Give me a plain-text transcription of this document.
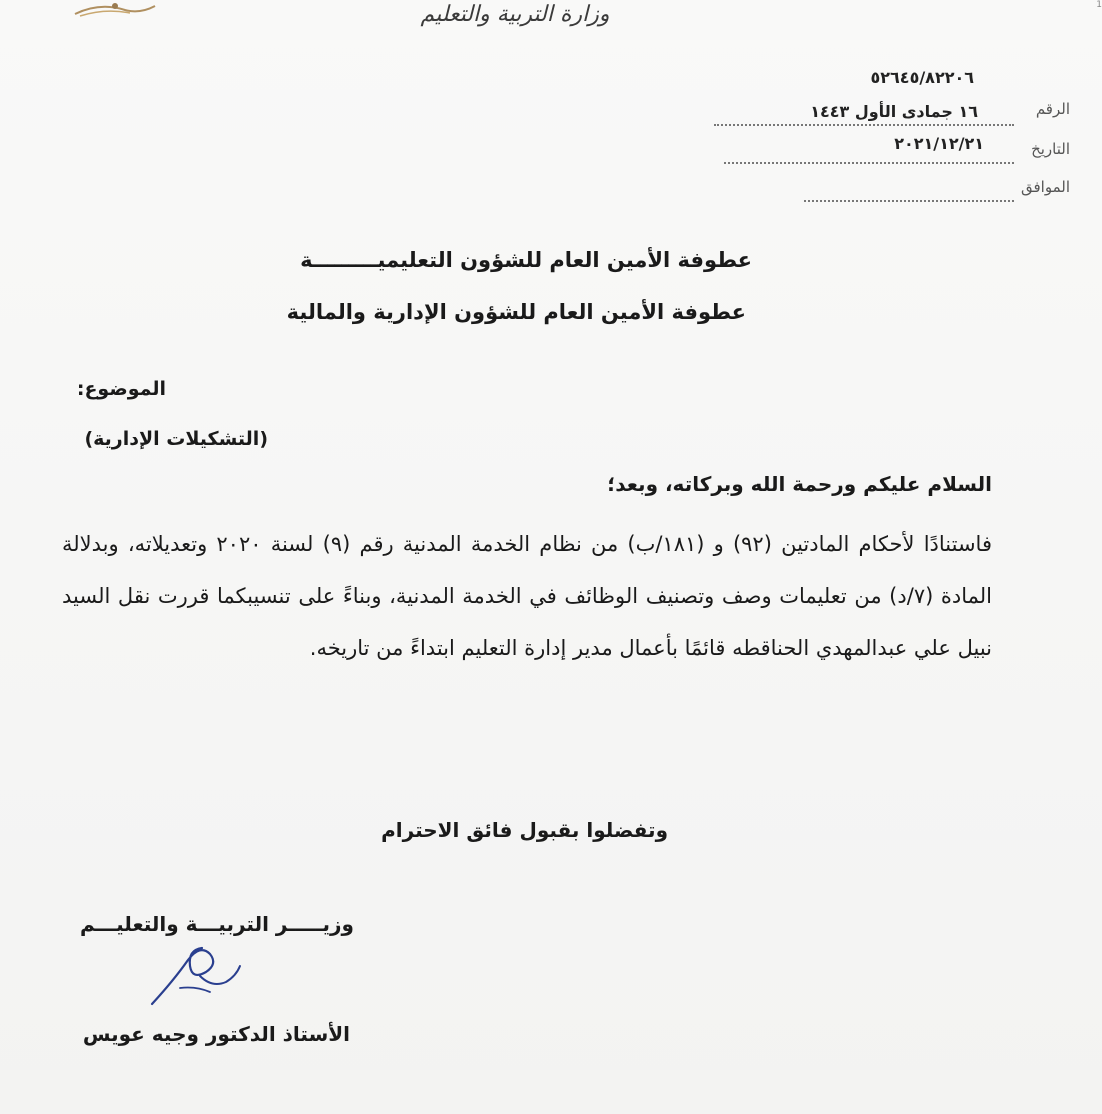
وزارة التربية والتعليم	1
٥٢٦٤٥/٨٢٢٠٦
الرقم
١٦ جمادى الأول ١٤٤٣
التاريخ
٢٠٢١/١٢/٢١
الموافق
عطوفة الأمين العام للشؤون التعليميـــــــــة
عطوفة الأمين العام للشؤون الإدارية والمالية
الموضوع:
(التشكيلات الإدارية)
السلام عليكم ورحمة الله وبركاته، وبعد؛
فاستنادًا لأحكام المادتين (٩٢) و (١٨١/ب) من نظام الخدمة المدنية رقم (٩) لسنة ٢٠٢٠ وتعديلاته، وبدلالة المادة (٧/د) من تعليمات وصف وتصنيف الوظائف في الخدمة المدنية، وبناءً على تنسيبكما قررت نقل السيد نبيل علي عبدالمهدي الحناقطه قائمًا بأعمال مدير إدارة التعليم ابتداءً من تاريخه.
وتفضلوا بقبول فائق الاحترام
وزيـــــر التربيـــة والتعليـــم
الأستاذ الدكتور وجيه عويس
